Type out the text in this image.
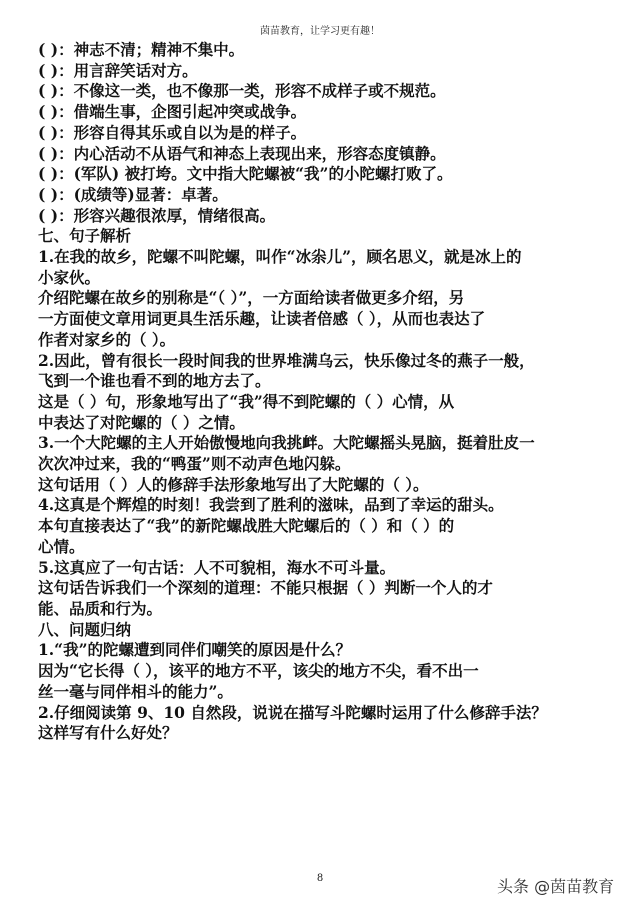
茵苗教育，让学习更有趣！
( )：神志不清；精神不集中。
( )：用言辞笑话对方。
( )：不像这一类，也不像那一类，形容不成样子或不规范。
( )：借端生事，企图引起冲突或战争。
( )：形容自得其乐或自以为是的样子。
( )：内心活动不从语气和神态上表现出来，形容态度镇静。
( )：(军队) 被打垮。文中指大陀螺被“我”的小陀螺打败了。
( )：(成绩等)显著：卓著。
( )：形容兴趣很浓厚，情绪很高。
七、句子解析
1.在我的故乡，陀螺不叫陀螺，叫作“冰尜儿”，顾名思义，就是冰上的
小家伙。
介绍陀螺在故乡的别称是“（ ）”，一方面给读者做更多介绍，另
一方面使文章用词更具生活乐趣，让读者倍感（ ），从而也表达了
作者对家乡的（ ）。
2.因此，曾有很长一段时间我的世界堆满乌云，快乐像过冬的燕子一般，
飞到一个谁也看不到的地方去了。
这是（ ）句，形象地写出了“我”得不到陀螺的（ ）心情，从
中表达了对陀螺的（ ）之情。
3.一个大陀螺的主人开始傲慢地向我挑衅。大陀螺摇头晃脑，挺着肚皮一
次次冲过来，我的“鸭蛋”则不动声色地闪躲。
这句话用（ ）人的修辞手法形象地写出了大陀螺的（ ）。
4.这真是个辉煌的时刻！我尝到了胜利的滋味，品到了幸运的甜头。
本句直接表达了“我”的新陀螺战胜大陀螺后的（ ）和（ ）的
心情。
5.这真应了一句古话：人不可貌相，海水不可斗量。
这句话告诉我们一个深刻的道理：不能只根据（ ）判断一个人的才
能、品质和行为。
八、问题归纳
1.“我”的陀螺遭到同伴们嘲笑的原因是什么？
因为“它长得（ ），该平的地方不平，该尖的地方不尖，看不出一
丝一毫与同伴相斗的能力”。
2.仔细阅读第 9、10 自然段，说说在描写斗陀螺时运用了什么修辞手法？
这样写有什么好处？
8	头条 @茵苗教育
